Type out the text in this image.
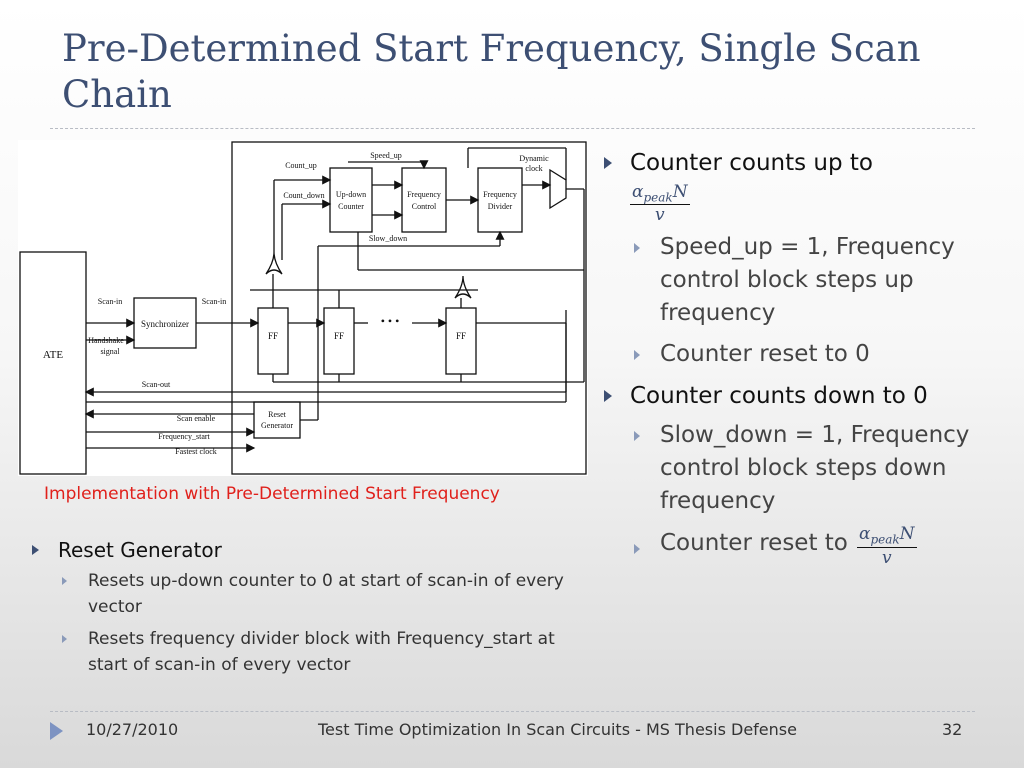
Pre-Determined Start Frequency, Single Scan Chain
ATE
Synchronizer
Up-down
Counter
Frequency
Control
Frequency
Divider
Dynamic
clock
FF	FF	FF
• • •
Reset
Generator
Count_up
Count_down
Speed_up
Slow_down
Scan-in	Scan-in
Handshake
signal
Scan-out
Scan enable
Frequency_start
Fastest clock
Implementation with Pre-Determined Start Frequency
Counter counts up to
$\frac{\alpha_{peak}N}{v}$
Speed_up = 1, Frequency control block steps up frequency
Counter reset to 0
Counter counts down to 0
Slow_down = 1, Frequency control block steps down frequency
Counter reset to $\frac{\alpha_{peak}N}{v}$
Reset Generator
Resets up-down counter to 0 at start of scan-in of every vector
Resets frequency divider block with Frequency_start at start of scan-in of every vector
10/27/2010	Test Time Optimization In Scan Circuits - MS Thesis Defense	32
